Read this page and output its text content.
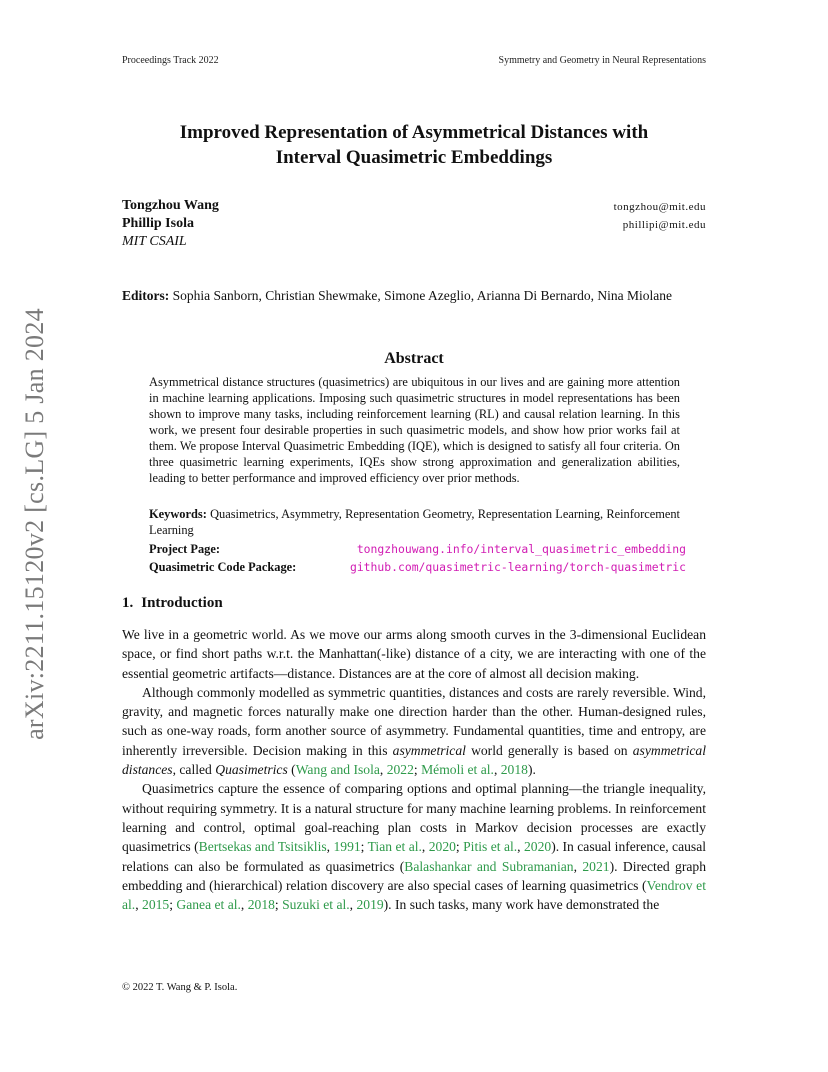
Proceedings Track 2022	Symmetry and Geometry in Neural Representations
arXiv:2211.15120v2 [cs.LG] 5 Jan 2024
Improved Representation of Asymmetrical Distances with
Interval Quasimetric Embeddings
Tongzhou Wang	tongzhou@mit.edu
Phillip Isola	phillipi@mit.edu
MIT CSAIL
Editors: Sophia Sanborn, Christian Shewmake, Simone Azeglio, Arianna Di Bernardo, Nina Miolane
Abstract
Asymmetrical distance structures (quasimetrics) are ubiquitous in our lives and are gaining more attention in machine learning applications. Imposing such quasimetric structures in model representations has been shown to improve many tasks, including reinforcement learning (RL) and causal relation learning. In this work, we present four desirable properties in such quasimetric models, and show how prior works fail at them. We propose Interval Quasimetric Embedding (IQE), which is designed to satisfy all four criteria. On three quasimetric learning experiments, IQEs show strong approximation and generalization abilities, leading to better performance and improved efficiency over prior methods.
Keywords: Quasimetrics, Asymmetry, Representation Geometry, Representation Learning, Reinforcement Learning
Project Page:	tongzhouwang.info/interval_quasimetric_embedding
Quasimetric Code Package:	github.com/quasimetric-learning/torch-quasimetric
1. Introduction

We live in a geometric world. As we move our arms along smooth curves in the 3-dimensional Euclidean space, or find short paths w.r.t. the Manhattan(-like) distance of a city, we are interacting with one of the essential geometric artifacts—distance. Distances are at the core of almost all decision making.

Although commonly modelled as symmetric quantities, distances and costs are rarely reversible. Wind, gravity, and magnetic forces naturally make one direction harder than the other. Human-designed rules, such as one-way roads, form another source of asymmetry. Fundamental quantities, time and entropy, are inherently irreversible. Decision making in this asymmetrical world generally is based on asymmetrical distances, called Quasimetrics (Wang and Isola, 2022; Mémoli et al., 2018).

Quasimetrics capture the essence of comparing options and optimal planning—the triangle inequality, without requiring symmetry. It is a natural structure for many machine learning problems. In reinforcement learning and control, optimal goal-reaching plan costs in Markov decision processes are exactly quasimetrics (Bertsekas and Tsitsiklis, 1991; Tian et al., 2020; Pitis et al., 2020). In casual inference, causal relations can also be formulated as quasimetrics (Balashankar and Subramanian, 2021). Directed graph embedding and (hierarchical) relation discovery are also special cases of learning quasimetrics (Vendrov et al., 2015; Ganea et al., 2018; Suzuki et al., 2019). In such tasks, many work have demonstrated the

© 2022 T. Wang & P. Isola.
